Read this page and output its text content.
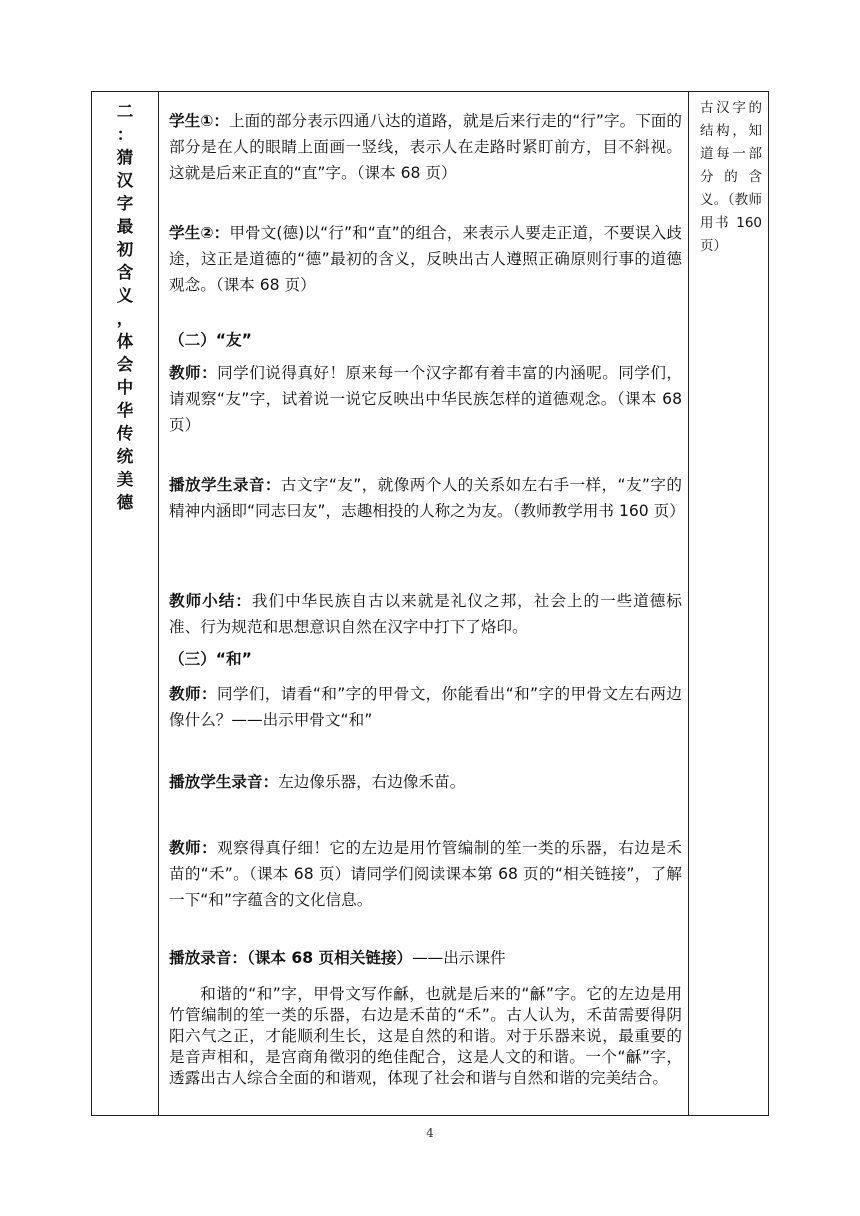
二
：
猜
汉
字
最
初
含
义
，
体
会
中
华
传
统
美
德

学生①：上面的部分表示四通八达的道路，就是后来行走的“行”字。下面的部分是在人的眼睛上面画一竖线，表示人在走路时紧盯前方，目不斜视。这就是后来正直的“直”字。（课本 68 页）

学生②：甲骨文(德)以“行”和“直”的组合，来表示人要走正道，不要误入歧途，这正是道德的“德”最初的含义，反映出古人遵照正确原则行事的道德观念。（课本 68 页）

（二）“友”

教师：同学们说得真好！原来每一个汉字都有着丰富的内涵呢。同学们，请观察“友”字，试着说一说它反映出中华民族怎样的道德观念。（课本 68 页）

播放学生录音：古文字“友”，就像两个人的关系如左右手一样，“友”字的精神内涵即“同志曰友”，志趣相投的人称之为友。（教师教学用书 160 页）

教师小结：我们中华民族自古以来就是礼仪之邦，社会上的一些道德标准、行为规范和思想意识自然在汉字中打下了烙印。

（三）“和”

教师：同学们，请看“和”字的甲骨文，你能看出“和”字的甲骨文左右两边像什么？——出示甲骨文“和”

播放学生录音：左边像乐器，右边像禾苗。

教师：观察得真仔细！它的左边是用竹管编制的笙一类的乐器，右边是禾苗的“禾”。（课本 68 页）请同学们阅读课本第 68 页的“相关链接”，了解一下“和”字蕴含的文化信息。

播放录音：（课本 68 页相关链接）——出示课件

和谐的“和”字，甲骨文写作龢，也就是后来的“龢”字。它的左边是用竹管编制的笙一类的乐器，右边是禾苗的“禾”。古人认为，禾苗需要得阴阳六气之正，才能顺利生长，这是自然的和谐。对于乐器来说，最重要的是音声相和，是宫商角徵羽的绝佳配合，这是人文的和谐。一个“龢”字，透露出古人综合全面的和谐观，体现了社会和谐与自然和谐的完美结合。

古汉字的结构，知道每一部分的含义。（教师用书 160 页）
4
